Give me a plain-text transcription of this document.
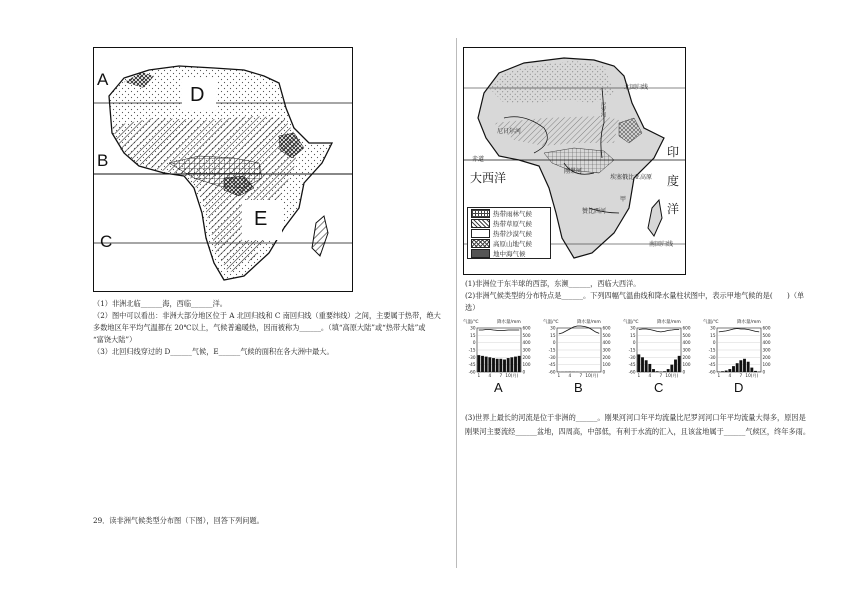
A
B
C
D
E
（1）非洲北临______海，西临______洋。
（2）图中可以看出：非洲大部分地区位于 A 北回归线和 C 南回归线（重要纬线）之间，主要属于热带，绝大
多数地区年平均气温都在 20℃以上，气候普遍暖热，因而被称为______。（填“高原大陆”或“热带大陆”或
“富饶大陆”）
（3）北回归线穿过的 D______气候，E______气候的面积在各大洲中最大。
29．读非洲气候类型分布图（下图），回答下列问题。
北回归线
尼罗河
尼日尔河
刚果河
埃塞俄比亚高原
赞比西河
甲
赤道
南回归线
大西洋
印
度
洋
热带雨林气候
热带草原气候
热带沙漠气候
高原山地气候
地中海气候
(1)非洲位于东半球的西部，东濒______，西临大西洋。
(2)非洲气候类型的分布特点是______。下列四幅气温曲线和降水量柱状图中，表示甲地气候的是(　　)（单
选）
气温/℃	降水量/mm
30	600
15	500
0	400
-15	300
-30	200
-45	100
-60	0
1 4 7 10(月)
A
气温/℃	降水量/mm
30	600
15	500
0	400
-15	300
-30	200
-45	100
-60	0
1 4 7 10(月)
B
气温/℃	降水量/mm
30	600
15	500
0	400
-15	300
-30	200
-45	100
-60	0
1 4 7 10(月)
C
气温/℃	降水量/mm
30	600
15	500
0	400
-15	300
-30	200
-45	100
-60	0
1 4 7 10(月)
D
(3)世界上最长的河流是位于非洲的______。刚果河河口年平均流量比尼罗河河口年平均流量大得多，原因是
刚果河主要流经______盆地，四周高，中部低，有利于水流的汇入，且该盆地属于______气候区，终年多雨。
